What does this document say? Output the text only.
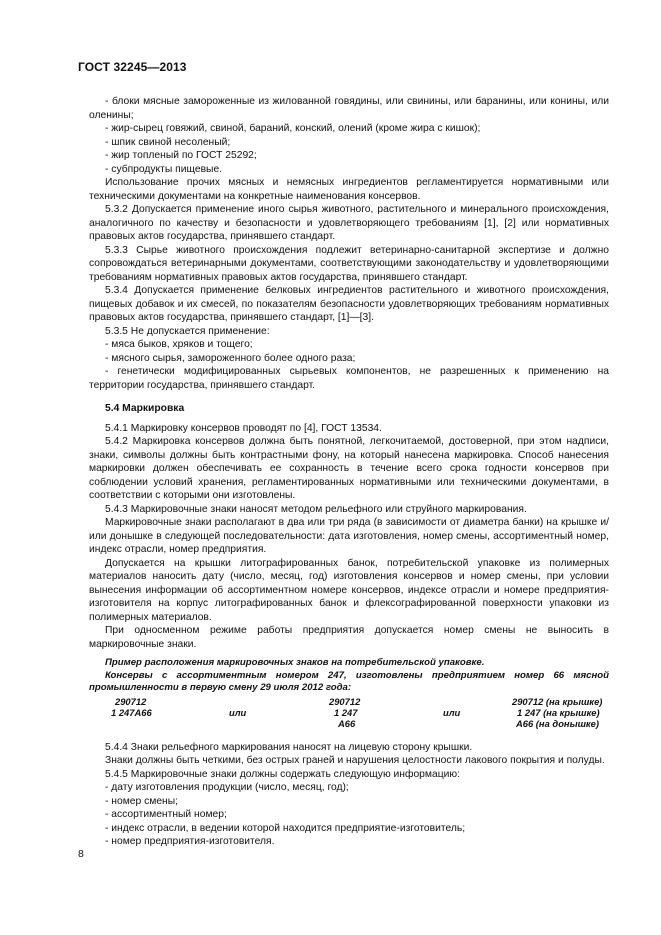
ГОСТ 32245—2013

- блоки мясные замороженные из жилованной говядины, или свинины, или баранины, или конины, или оленины;

- жир-сырец говяжий, свиной, бараний, конский, олений (кроме жира с кишок);

- шпик свиной несоленый;

- жир топленый по ГОСТ 25292;

- субпродукты пищевые.

Использование прочих мясных и немясных ингредиентов регламентируется нормативными или техническими документами на конкретные наименования консервов.

5.3.2 Допускается применение иного сырья животного, растительного и минерального происхождения, аналогичного по качеству и безопасности и удовлетворяющего требованиям [1], [2] или нормативных правовых актов государства, принявшего стандарт.

5.3.3 Сырье животного происхождения подлежит ветеринарно-санитарной экспертизе и должно сопровождаться ветеринарными документами, соответствующими законодательству и удовлетворяющими требованиям нормативных правовых актов государства, принявшего стандарт.

5.3.4 Допускается применение белковых ингредиентов растительного и животного происхождения, пищевых добавок и их смесей, по показателям безопасности удовлетворяющих требованиям нормативных правовых актов государства, принявшего стандарт, [1]—[3].

5.3.5 Не допускается применение:

- мяса быков, хряков и тощего;

- мясного сырья, замороженного более одного раза;

- генетически модифицированных сырьевых компонентов, не разрешенных к применению на территории государства, принявшего стандарт.

5.4 Маркировка

5.4.1 Маркировку консервов проводят по [4], ГОСТ 13534.

5.4.2 Маркировка консервов должна быть понятной, легкочитаемой, достоверной, при этом надписи, знаки, символы должны быть контрастными фону, на который нанесена маркировка. Способ нанесения маркировки должен обеспечивать ее сохранность в течение всего срока годности консервов при соблюдении условий хранения, регламентированных нормативными или техническими документами, в соответствии с которыми они изготовлены.

5.4.3 Маркировочные знаки наносят методом рельефного или струйного маркирования.

Маркировочные знаки располагают в два или три ряда (в зависимости от диаметра банки) на крышке и/или донышке в следующей последовательности: дата изготовления, номер смены, ассортиментный номер, индекс отрасли, номер предприятия.

Допускается на крышки литографированных банок, потребительской упаковке из полимерных материалов наносить дату (число, месяц, год) изготовления консервов и номер смены, при условии вынесения информации об ассортиментном номере консервов, индексе отрасли и номере предприятия-изготовителя на корпус литографированных банок и флексографированной поверхности упаковки из полимерных материалов.

При односменном режиме работы предприятия допускается номер смены не выносить в маркировочные знаки.

Пример расположения маркировочных знаков на потребительской упаковке.

Консервы с ассортиментным номером 247, изготовлены предприятием номер 66 мясной промышленности в первую смену 29 июля 2012 года:

290712
1 247А66	или
290712
1 247
А66
или
290712 (на крышке)
1 247 (на крышке)
А66 (на донышке)

5.4.4 Знаки рельефного маркирования наносят на лицевую сторону крышки.

Знаки должны быть четкими, без острых граней и нарушения целостности лакового покрытия и полуды.

5.4.5 Маркировочные знаки должны содержать следующую информацию:

- дату изготовления продукции (число, месяц, год);

- номер смены;

- ассортиментный номер;

- индекс отрасли, в ведении которой находится предприятие-изготовитель;

- номер предприятия-изготовителя.

8
